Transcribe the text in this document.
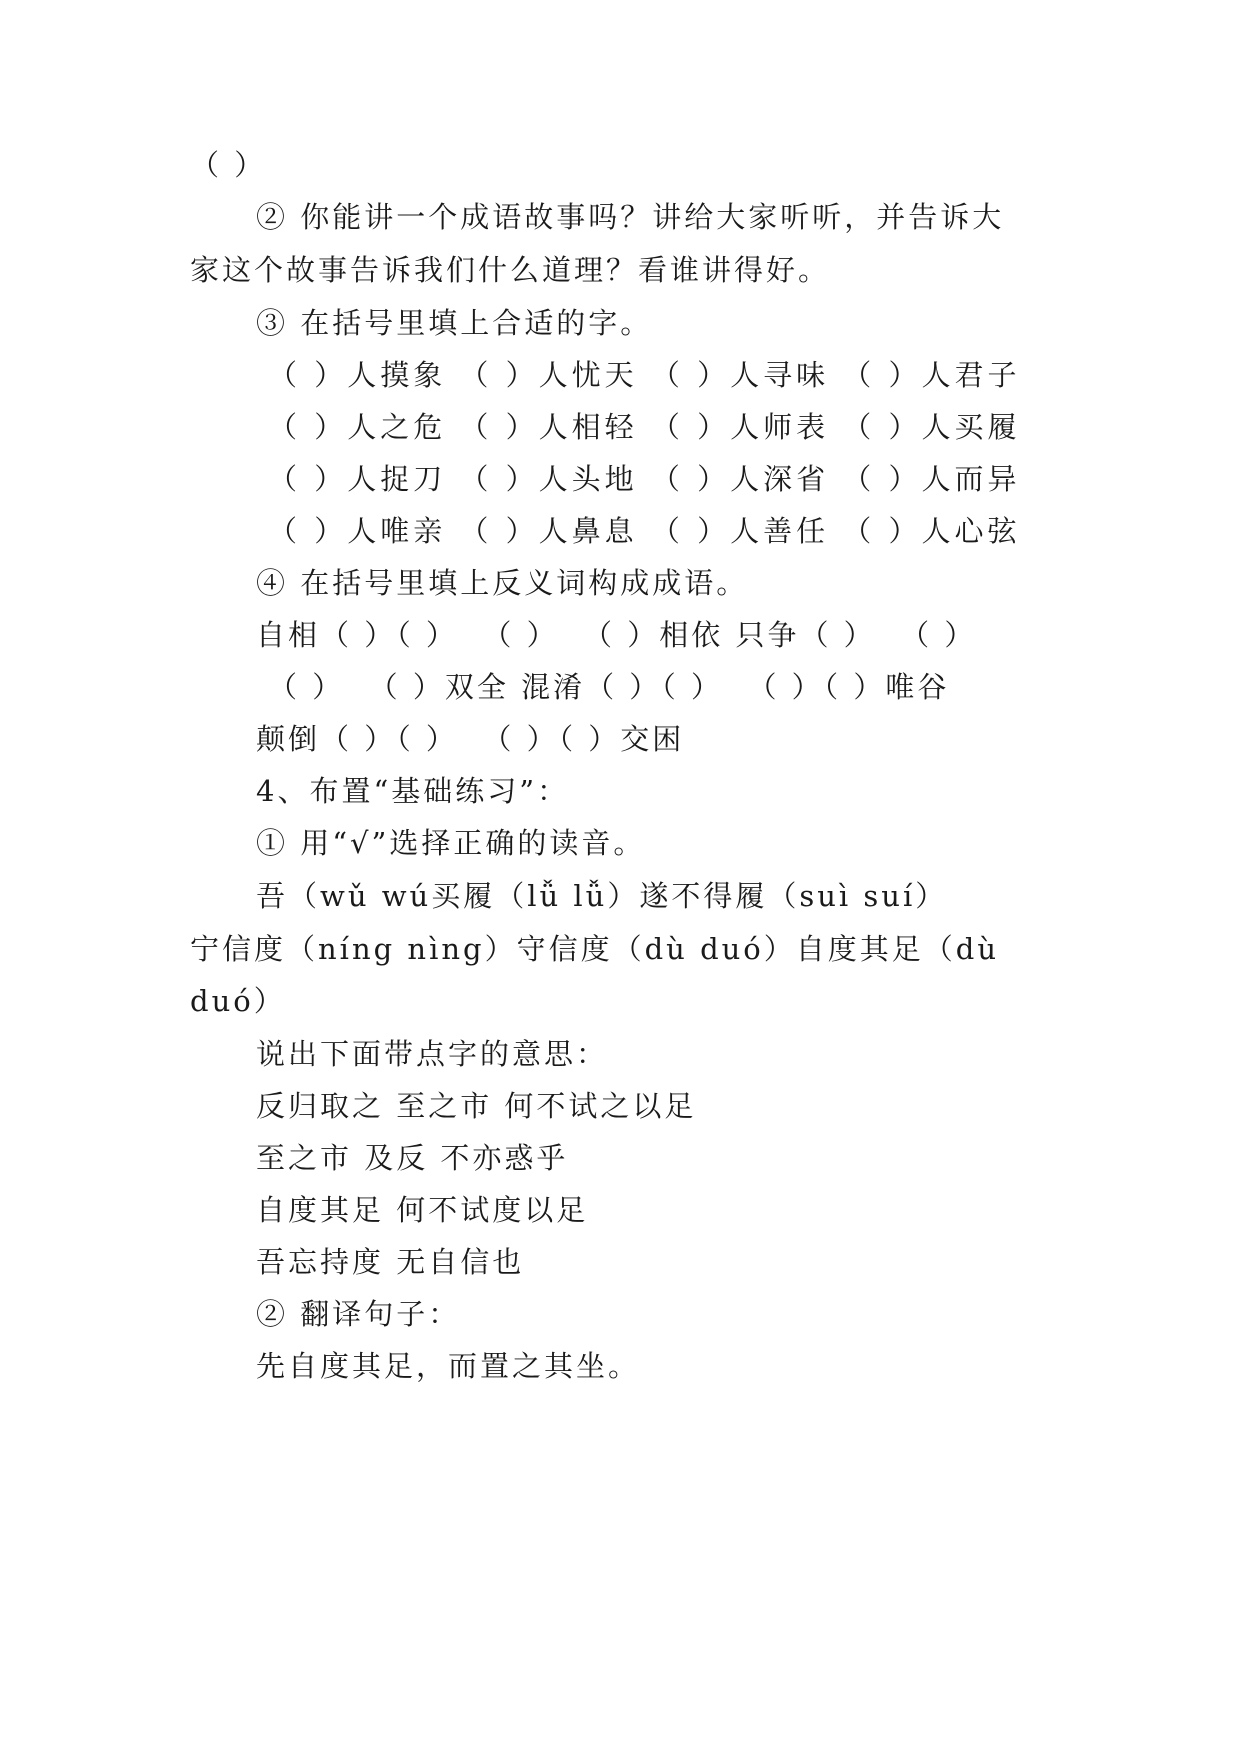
（ ）
② 你能讲一个成语故事吗？讲给大家听听，并告诉大
家这个故事告诉我们什么道理？看谁讲得好。
③ 在括号里填上合适的字。
（ ）人摸象 （ ）人忧天 （ ）人寻味 （ ）人君子
（ ）人之危 （ ）人相轻 （ ）人师表 （ ）人买履
（ ）人捉刀 （ ）人头地 （ ）人深省 （ ）人而异
（ ）人唯亲 （ ）人鼻息 （ ）人善任 （ ）人心弦
④ 在括号里填上反义词构成成语。
自相（ ）（ ）  （ ）  （ ）相依 只争（ ）  （ ）
（ ）  （ ）双全 混淆（ ）（ ）  （ ）（ ）唯谷
颠倒（ ）（ ）  （ ）（ ）交困
4、布置“基础练习”：
① 用“√”选择正确的读音。
吾（wǔ wú买履（lǚ lǚ）遂不得履（suì suí）
宁信度（níng nìng）守信度（dù duó）自度其足（dù
duó）
说出下面带点字的意思：
反归取之 至之市 何不试之以足
至之市 及反 不亦惑乎
自度其足 何不试度以足
吾忘持度 无自信也
② 翻译句子：
先自度其足，而置之其坐。
